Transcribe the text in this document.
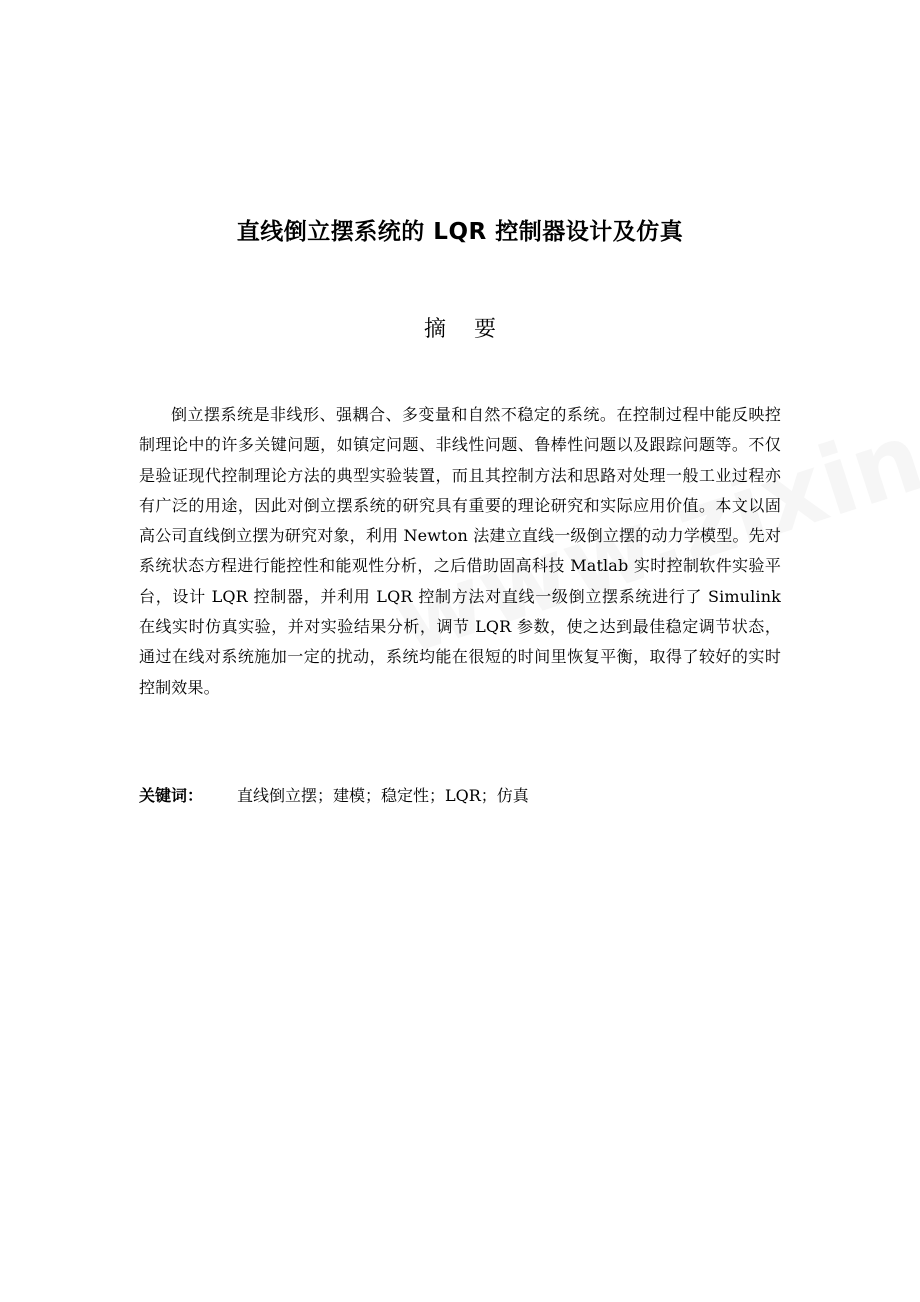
直线倒立摆系统的 LQR 控制器设计及仿真
摘 要

倒立摆系统是非线形、强耦合、多变量和自然不稳定的系统。在控制过程中能反映控制理论中的许多关键问题，如镇定问题、非线性问题、鲁棒性问题以及跟踪问题等。不仅是验证现代控制理论方法的典型实验装置，而且其控制方法和思路对处理一般工业过程亦有广泛的用途，因此对倒立摆系统的研究具有重要的理论研究和实际应用价值。本文以固高公司直线倒立摆为研究对象，利用 Newton 法建立直线一级倒立摆的动力学模型。先对系统状态方程进行能控性和能观性分析，之后借助固高科技 Matlab 实时控制软件实验平台，设计 LQR 控制器，并利用 LQR 控制方法对直线一级倒立摆系统进行了 Simulink 在线实时仿真实验，并对实验结果分析，调节 LQR 参数，使之达到最佳稳定调节状态，通过在线对系统施加一定的扰动，系统均能在很短的时间里恢复平衡，取得了较好的实时控制效果。

关键词： 直线倒立摆；建模；稳定性；LQR；仿真
